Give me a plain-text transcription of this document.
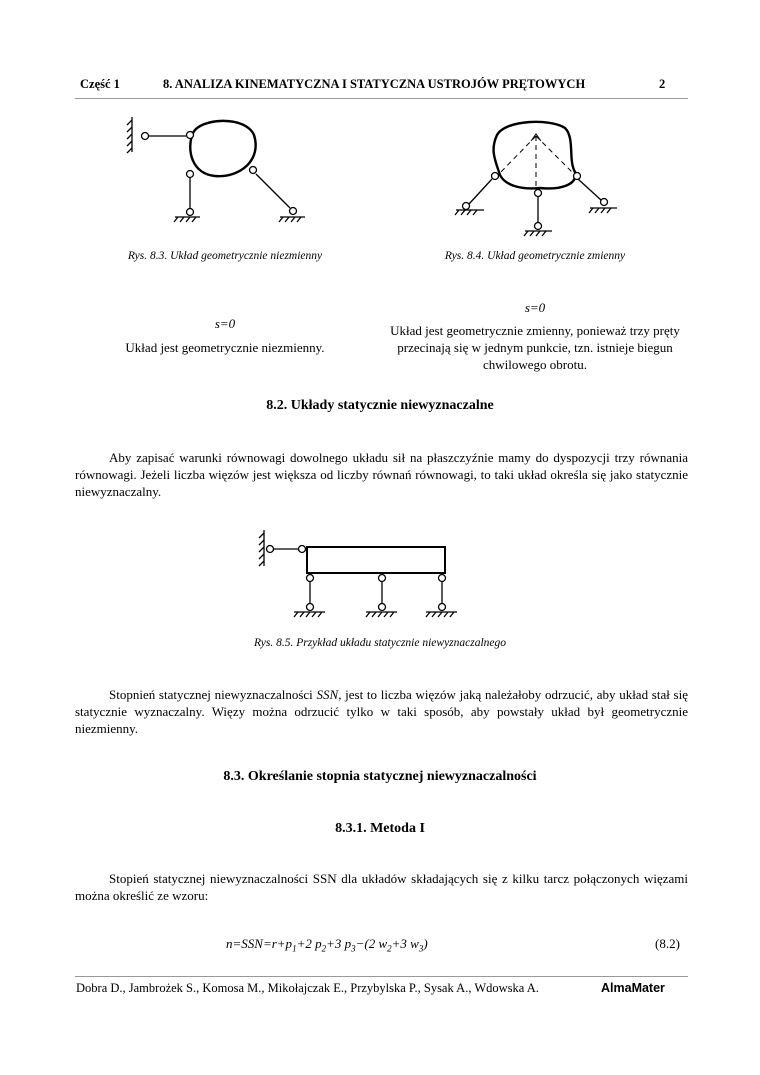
Część 1	8. ANALIZA KINEMATYCZNA I STATYCZNA USTROJÓW PRĘTOWYCH	2
Rys. 8.3. Układ geometrycznie niezmienny	Rys. 8.4. Układ geometrycznie zmienny
s=0
Układ jest geometrycznie niezmienny.
s=0
Układ jest geometrycznie zmienny, ponieważ trzy pręty przecinają się w jednym punkcie, tzn. istnieje biegun chwilowego obrotu.
8.2. Układy statycznie niewyznaczalne

Aby zapisać warunki równowagi dowolnego układu sił na płaszczyźnie mamy do dyspozycji trzy równania równowagi. Jeżeli liczba więzów jest większa od liczby równań równowagi, to taki układ określa się jako statycznie niewyznaczalny.

Rys. 8.5. Przykład układu statycznie niewyznaczalnego

Stopnień statycznej niewyznaczalności SSN, jest to liczba więzów jaką należałoby odrzucić, aby układ stał się statycznie wyznaczalny. Więzy można odrzucić tylko w taki sposób, aby powstały układ był geometrycznie niezmienny.

8.3. Określanie stopnia statycznej niewyznaczalności
8.3.1. Metoda I

Stopień statycznej niewyznaczalności SSN dla układów składających się z kilku tarcz połączonych więzami można określić ze wzoru:

$n=SSN=r+p_1+2$ $p_2+3$ $p_3-(2$ $w_2+3$ $w_3$)	(8.2)
Dobra D., Jambrożek S., Komosa M., Mikołajczak E., Przybylska P., Sysak A., Wdowska A.	AlmaMater
